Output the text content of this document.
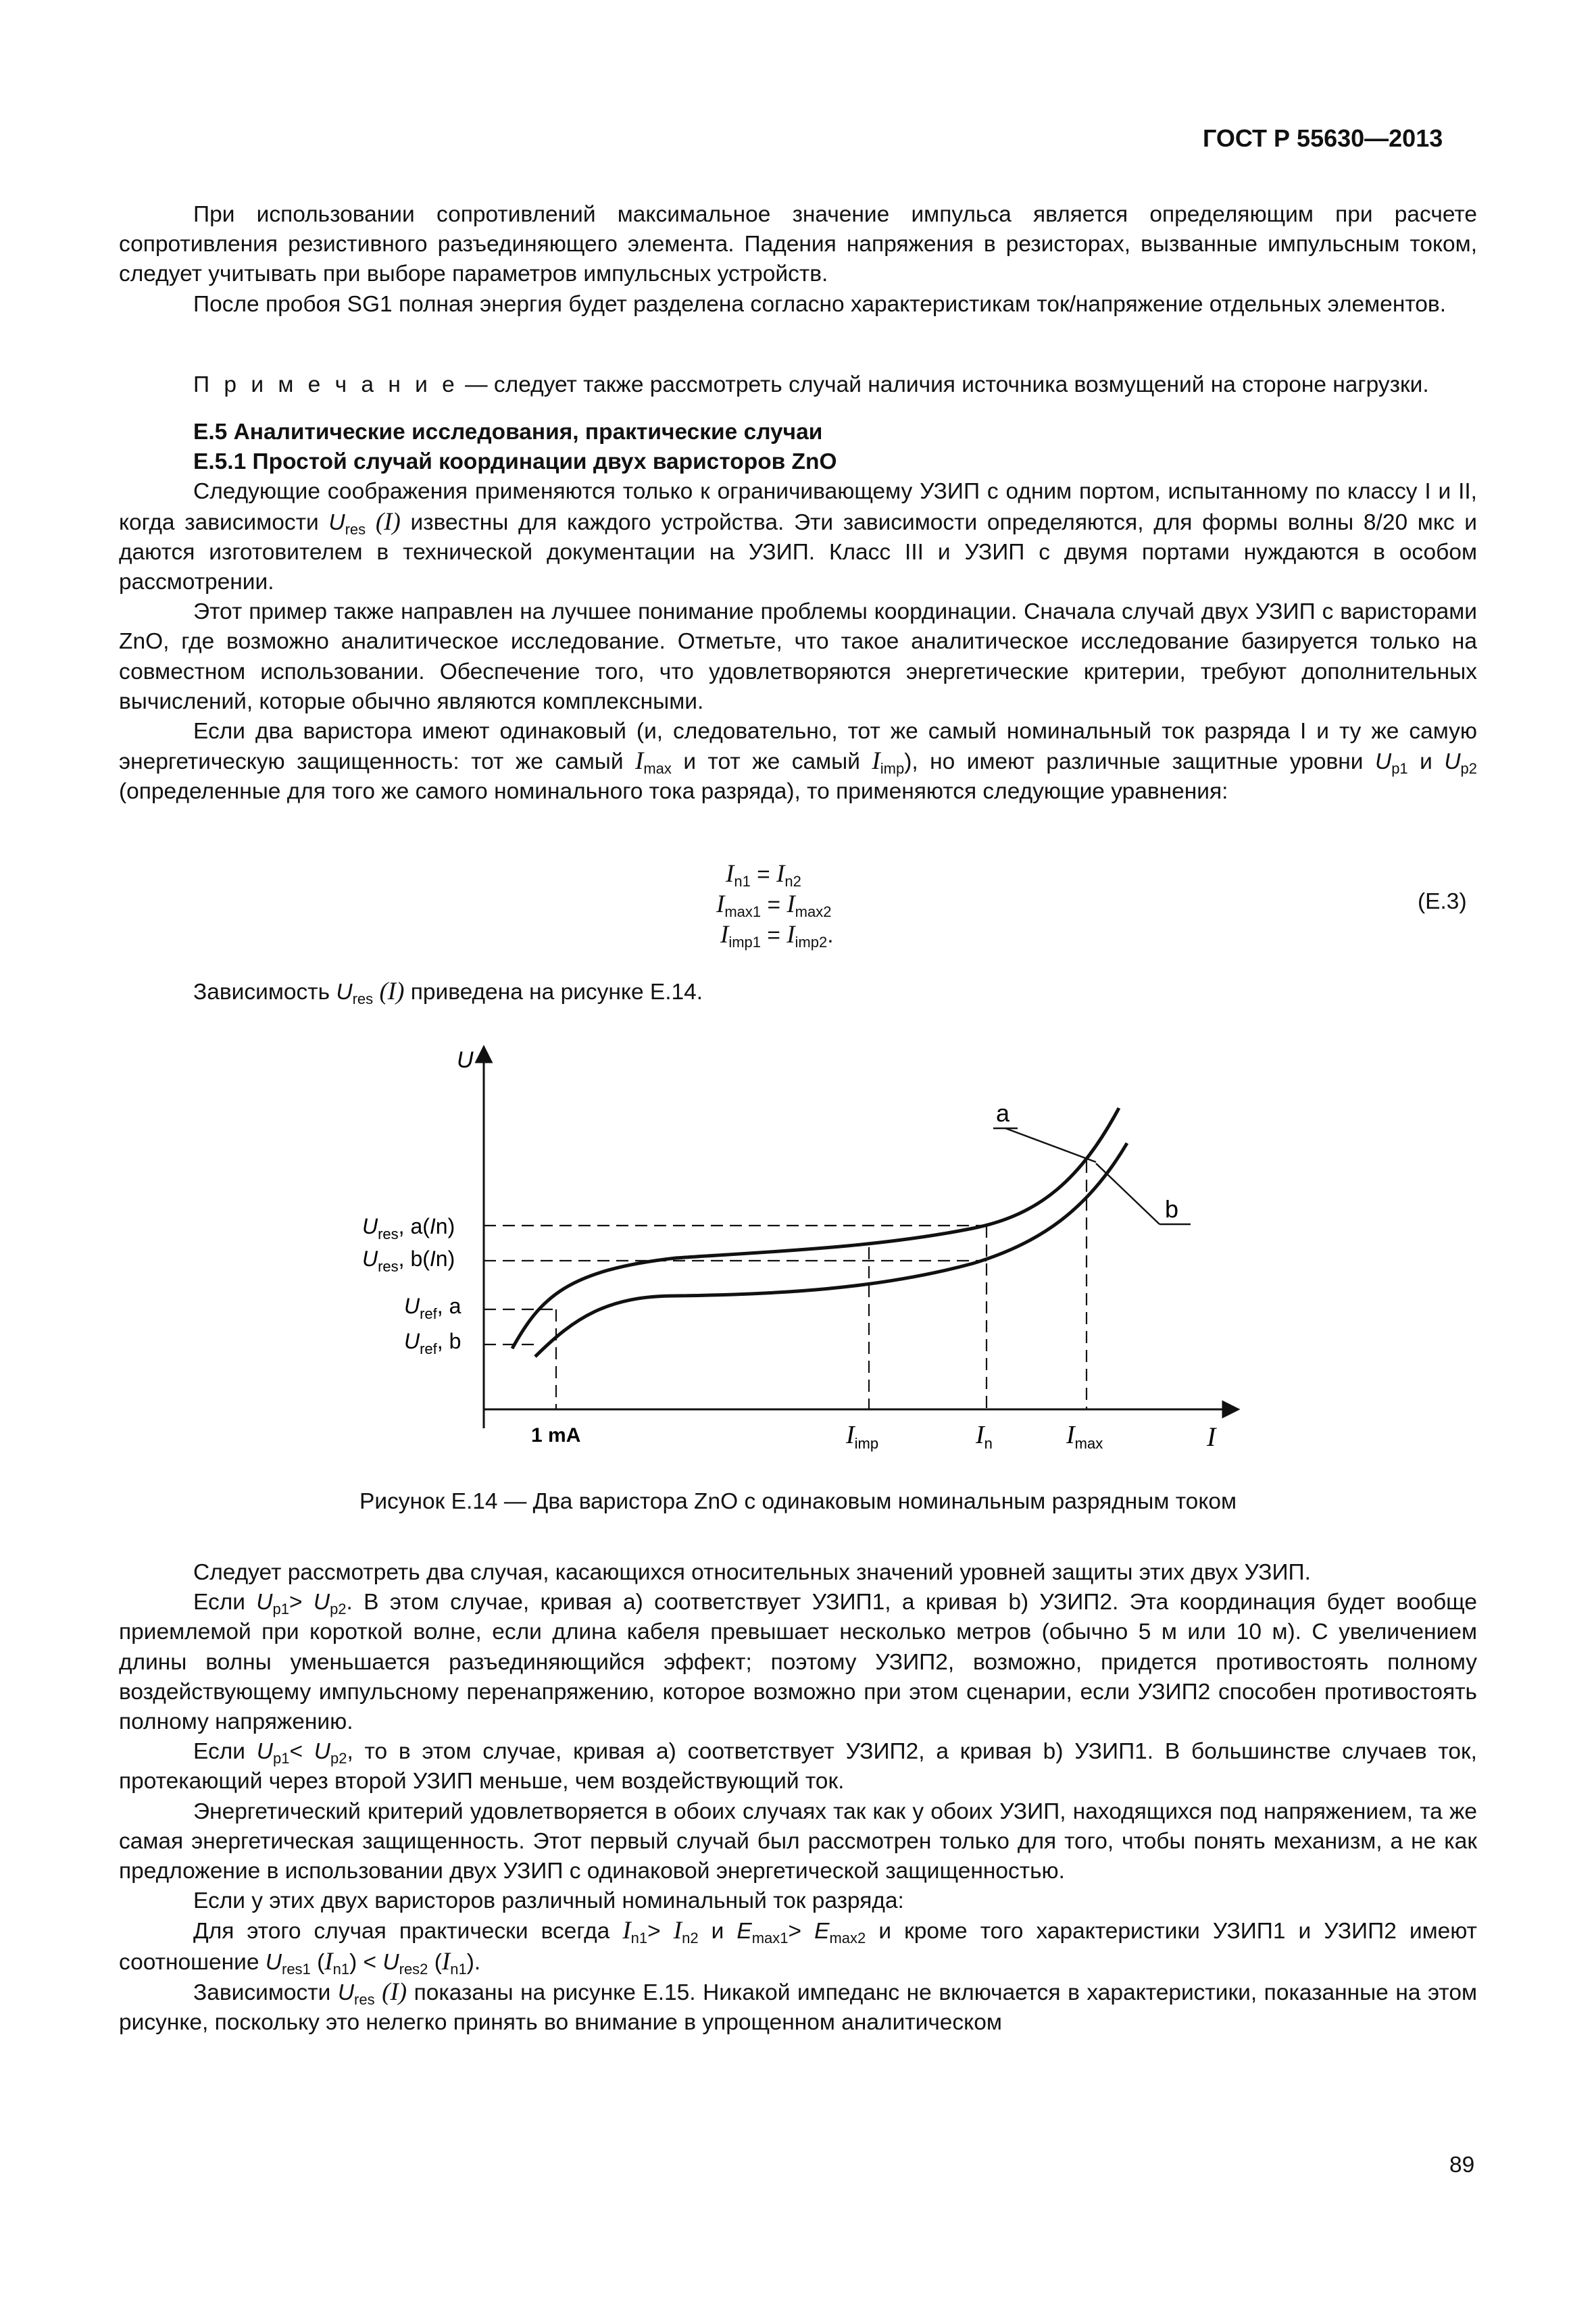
ГОСТ Р 55630—2013

При использовании сопротивлений максимальное значение импульса является определяющим при расчете сопротивления резистивного разъединяющего элемента. Падения напряжения в резисторах, вызванные импульсным током, следует учитывать при выборе параметров импульсных устройств.

После пробоя SG1 полная энергия будет разделена согласно характеристикам ток/напряжение отдельных элементов.

П р и м е ч а н и е — следует также рассмотреть случай наличия источника возмущений на стороне нагрузки.

Е.5 Аналитические исследования, практические случаи

Е.5.1 Простой случай координации двух варисторов ZnO

Следующие соображения применяются только к ограничивающему УЗИП с одним портом, испытанному по классу I и II, когда зависимости $U_{res}$ (I) известны для каждого устройства. Эти зависимости определяются, для формы волны 8/20 мкс и даются изготовителем в технической документации на УЗИП. Класс III и УЗИП с двумя портами нуждаются в особом рассмотрении.

Этот пример также направлен на лучшее понимание проблемы координации. Сначала случай двух УЗИП с варисторами ZnO, где возможно аналитическое исследование. Отметьте, что такое аналитическое исследование базируется только на совместном использовании. Обеспечение того, что удовлетворяются энергетические критерии, требуют дополнительных вычислений, которые обычно являются комплексными.

Если два варистора имеют одинаковый (и, следовательно, тот же самый номинальный ток разряда I и ту же самую энергетическую защищенность: тот же самый $I_{max}$ и тот же самый $I_{imp}$), но имеют различные защитные уровни $U_{p1}$ и $U_{p2}$ (определенные для того же самого номинального тока разряда), то применяются следующие уравнения:

$I_{n1} = I_{n2}$
$I_{max1} = I_{max2}$
$I_{imp1} = I_{imp2}$.
(Е.3)

Зависимость $U_{res}$ (I) приведена на рисунке Е.14.

U
I
a
b
$U_{res}$, a(In)
$U_{res}$, b(In)
$U_{ref}$, a
$U_{ref}$, b
1 mA	$I_{imp}$	$I_n$	$I_{max}$
Рисунок Е.14 — Два варистора ZnO с одинаковым номинальным разрядным током

Следует рассмотреть два случая, касающихся относительных значений уровней защиты этих двух УЗИП.

Если $U_{p1}> U_{p2}$. В этом случае, кривая а) соответствует УЗИП1, а кривая b) УЗИП2. Эта координация будет вообще приемлемой при короткой волне, если длина кабеля превышает несколько метров (обычно 5 м или 10 м). С увеличением длины волны уменьшается разъединяющийся эффект; поэтому УЗИП2, возможно, придется противостоять полному воздействующему импульсному перенапряжению, которое возможно при этом сценарии, если УЗИП2 способен противостоять полному напряжению.

Если $U_{p1}< U_{p2}$, то в этом случае, кривая а) соответствует УЗИП2, а кривая b) УЗИП1. В большинстве случаев ток, протекающий через второй УЗИП меньше, чем воздействующий ток.

Энергетический критерий удовлетворяется в обоих случаях так как у обоих УЗИП, находящихся под напряжением, та же самая энергетическая защищенность. Этот первый случай был рассмотрен только для того, чтобы понять механизм, а не как предложение в использовании двух УЗИП с одинаковой энергетической защищенностью.

Если у этих двух варисторов различный номинальный ток разряда:

Для этого случая практически всегда $I_{n1}> I_{n2}$ и $E_{max1}> E_{max2}$ и кроме того характеристики УЗИП1 и УЗИП2 имеют соотношение $U_{res1}$ $(I_{n1}) < U_{res2}$ $(I_{n1})$.

Зависимости $U_{res}$ (I) показаны на рисунке Е.15. Никакой импеданс не включается в характеристики, показанные на этом рисунке, поскольку это нелегко принять во внимание в упрощенном аналитическом

89
